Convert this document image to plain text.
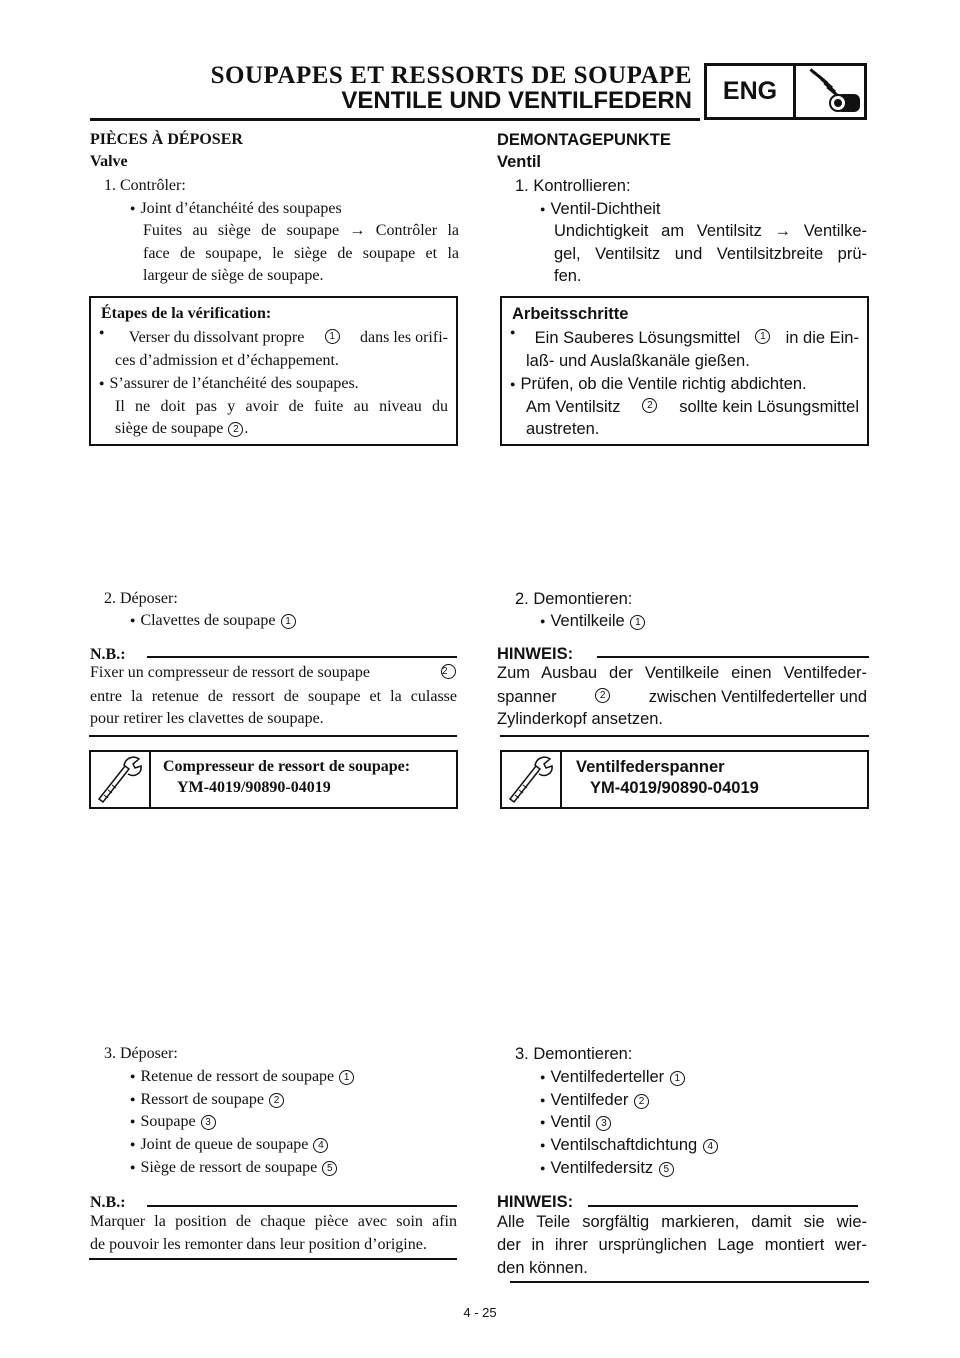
SOUPAPES ET RESSORTS DE SOUPAPE
VENTILE UND VENTILFEDERN	ENG
PIÈCES À DÉPOSER
Valve
1. Contrôler:
● Joint d’étanchéité des soupapes
Fuites au siège de soupape → Contrôler la
face de soupape, le siège de soupape et la
largeur de siège de soupape.
Étapes de la vérification:
● Verser du dissolvant propre	1 dans les orifi-
ces d’admission et d’échappement.
● S’assurer de l’étanchéité des soupapes.
Il ne doit pas y avoir de fuite au niveau du
siège de soupape 2 .
2. Déposer:
● Clavettes de soupape 1
N.B.:
Fixer un compresseur de ressort de soupape	2
entre la retenue de ressort de soupape et la culasse
pour retirer les clavettes de soupape.
Compresseur de ressort de soupape:
YM-4019/90890-04019
3. Déposer:
● Retenue de ressort de soupape 1
● Ressort de soupape 2
● Soupape 3
● Joint de queue de soupape 4
● Siège de ressort de soupape 5
N.B.:
Marquer la position de chaque pièce avec soin afin
de pouvoir les remonter dans leur position d’origine.
DEMONTAGEPUNKTE
Ventil
1. Kontrollieren:
● Ventil-Dichtheit
Undichtigkeit am Ventilsitz → Ventilke-
gel, Ventilsitz und Ventilsitzbreite prü-
fen.
Arbeitsschritte
● Ein Sauberes Lösungsmittel	1 in die Ein-
laß- und Auslaßkanäle gießen.
● Prüfen, ob die Ventile richtig abdichten.
Am Ventilsitz	2 sollte kein Lösungsmittel
austreten.
2. Demontieren:
● Ventilkeile 1
HINWEIS:
Zum Ausbau der Ventilkeile einen Ventilfeder-
spanner	2	zwischen Ventilfederteller und
Zylinderkopf ansetzen.
Ventilfederspanner
YM-4019/90890-04019
3. Demontieren:
● Ventilfederteller 1
● Ventilfeder 2
● Ventil 3
● Ventilschaftdichtung 4
● Ventilfedersitz 5
HINWEIS:
Alle Teile sorgfältig markieren, damit sie wie-
der in ihrer ursprünglichen Lage montiert wer-
den können.
4 - 25
